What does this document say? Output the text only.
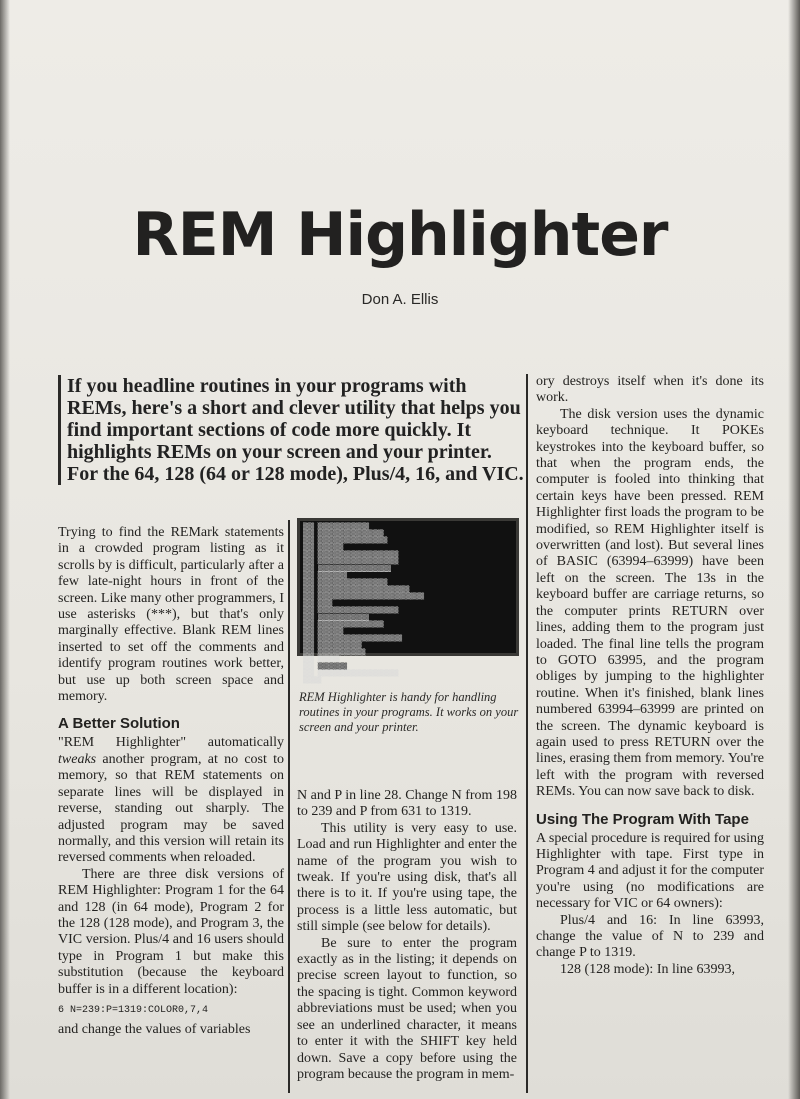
REM Highlighter
Don A. Ellis
If you headline routines in your programs with REMs, here's a short and clever utility that helps you find important sections of code more quickly. It highlights REMs on your screen and your printer. For the 64, 128 (64 or 128 mode), Plus/4, 16, and VIC.

Trying to find the REMark statements in a crowded program listing as it scrolls by is difficult, particularly after a few late-night hours in front of the screen. Like many other programmers, I use asterisks (***), but that's only marginally effective. Blank REM lines inserted to set off the comments and identify program routines work better, but use up both screen space and memory.

A Better Solution

"REM Highlighter" automatically tweaks another program, at no cost to memory, so that REM statements on separate lines will be displayed in reverse, standing out sharply. The adjusted program may be saved normally, and this version will retain its reversed comments when reloaded.

There are three disk versions of REM Highlighter: Program 1 for the 64 and 128 (in 64 mode), Program 2 for the 128 (128 mode), and Program 3, the VIC version. Plus/4 and 16 users should type in Program 1 but make this substitution (because the keyboard buffer is in a different location):

6 N=239:P=1319:COLOR0,7,4

and change the values of variables

▒▒▒ ▒▒▒▒▒▒▒▒▒▒▒▒▒▒
▒▒▒ ▒▒▒▒▒▒▒▒▒▒▒▒▒▒▒▒▒▒
▒▒▒ ▒▒▒▒▒▒▒▒▒▒▒▒▒▒▒▒▒▒▒
▒▒▒ ▒▒▒▒▒▒▒
▒▒▒ ▒▒▒▒▒▒▒▒▒▒▒▒▒▒▒▒▒▒▒▒▒▒
▒▒▒ ▒▒▒▒▒▒▒▒▒▒▒▒▒▒▒▒▒▒▒▒▒▒
▒▒▒ ▒▒▒▒▒▒▒▒▒▒▒▒▒▒▒▒▒▒▒▒
▒▒▒ ▒▒▒▒▒▒▒▒
▒▒▒ ▒▒▒▒▒▒▒▒▒▒▒▒▒▒▒▒▒▒▒
▒▒▒ ▒▒▒▒▒▒▒▒▒▒▒▒▒▒▒▒▒▒▒▒▒▒▒▒▒
▒▒▒ ▒▒▒▒▒▒▒▒▒▒▒▒▒▒▒▒▒▒▒▒▒▒▒▒▒▒▒▒▒
▒▒▒ ▒▒▒▒
▒▒▒ ▒▒▒▒▒▒▒▒▒▒▒▒▒▒▒▒▒▒▒▒▒▒
▒▒▒ ▒▒▒▒▒▒▒▒▒▒▒▒▒▒
▒▒▒ ▒▒▒▒▒▒▒▒▒▒▒▒▒▒▒▒▒▒
▒▒▒ ▒▒▒▒▒▒▒
▒▒▒ ▒▒▒▒▒▒▒▒▒▒▒▒▒▒▒▒▒▒▒▒▒▒▒
▒▒▒ ▒▒▒▒▒▒▒▒▒▒▒▒
▒▒▒ ▒▒▒▒▒▒▒▒▒▒▒▒▒
▒▒▒ ▒▒▒▒▒▒
▒▒▒ ▒▒▒▒▒▒▒▒
▒▒▒ ▒▒▒▒▒▒▒▒▒▒▒▒▒▒▒▒▒▒▒▒▒▒
▒▒▒▒▒
REM Highlighter is handy for handling routines in your programs. It works on your screen and your printer.

N and P in line 28. Change N from 198 to 239 and P from 631 to 1319.

This utility is very easy to use. Load and run Highlighter and enter the name of the program you wish to tweak. If you're using disk, that's all there is to it. If you're using tape, the process is a little less automatic, but still simple (see below for details).

Be sure to enter the program exactly as in the listing; it depends on precise screen layout to function, so the spacing is tight. Common keyword abbreviations must be used; when you see an underlined character, it means to enter it with the SHIFT key held down. Save a copy before using the program because the program in mem-

ory destroys itself when it's done its work.

The disk version uses the dynamic keyboard technique. It POKEs keystrokes into the keyboard buffer, so that when the program ends, the computer is fooled into thinking that certain keys have been pressed. REM Highlighter first loads the program to be modified, so REM Highlighter itself is overwritten (and lost). But several lines of BASIC (63994–63999) have been left on the screen. The 13s in the keyboard buffer are carriage returns, so the computer prints RETURN over lines, adding them to the program just loaded. The final line tells the program to GOTO 63995, and the program obliges by jumping to the highlighter routine. When it's finished, blank lines numbered 63994–63999 are printed on the screen. The dynamic keyboard is again used to press RETURN over the lines, erasing them from memory. You're left with the program with reversed REMs. You can now save back to disk.

Using The Program With Tape

A special procedure is required for using Highlighter with tape. First type in Program 4 and adjust it for the computer you're using (no modifications are necessary for VIC or 64 owners):

Plus/4 and 16: In line 63993, change the value of N to 239 and change P to 1319.

128 (128 mode): In line 63993,
